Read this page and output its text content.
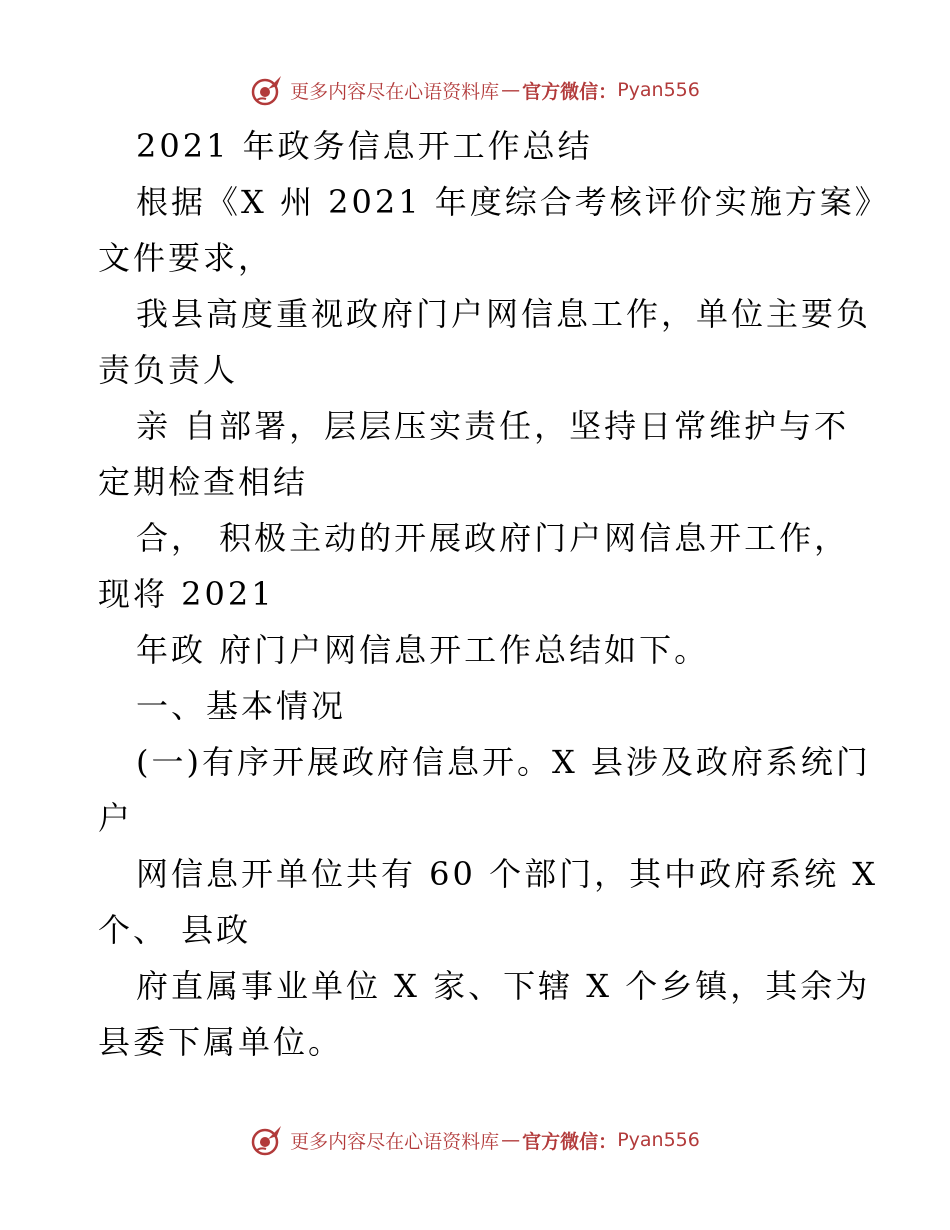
更多内容尽在心语资料库 — 官方微信： Pyan556
2021 年政务信息开工作总结
根据《X 州 2021 年度综合考核评价实施方案》
文件要求，
我县高度重视政府门户网信息工作，单位主要负
责负责人
亲 自部署，层层压实责任，坚持日常维护与不
定期检查相结
合， 积极主动的开展政府门户网信息开工作，
现将 2021
年政 府门户网信息开工作总结如下。
一、基本情况
(一)有序开展政府信息开。X 县涉及政府系统门
户
网信息开单位共有 60 个部门，其中政府系统 X
个、 县政
府直属事业单位 X 家、下辖 X 个乡镇，其余为
县委下属单位。
更多内容尽在心语资料库 — 官方微信： Pyan556
